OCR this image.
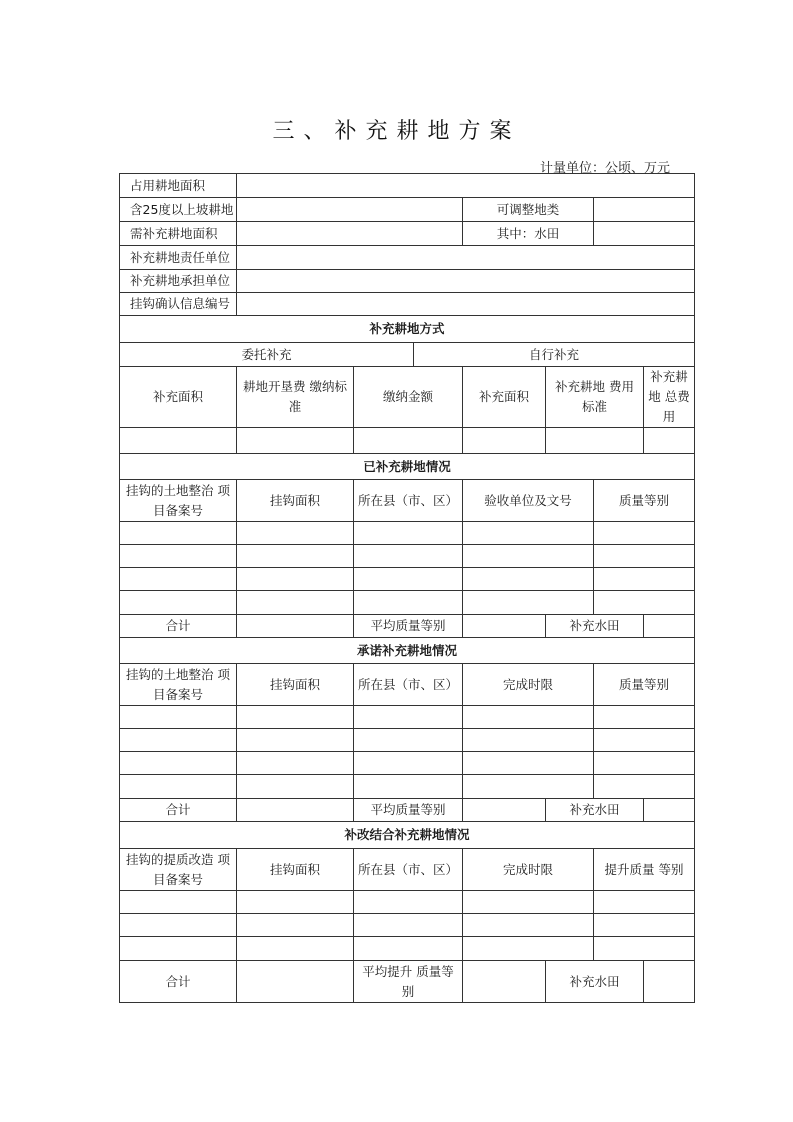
三、补充耕地方案
计量单位：公顷、万元
占用耕地面积							
含25度以上坡耕地				可调整地类			
需补充耕地面积				其中：水田			
补充耕地责任单位							
补充耕地承担单位							
挂钩确认信息编号							
补充耕地方式							
委托补充			自行补充				
补充面积	耕地开垦费 缴纳标准	缴纳金额		补充面积	补充耕地 费用标准		补充耕地 总费用

已补充耕地情况							
挂钩的土地整治 项目备案号	挂钩面积	所在县（市、区）		验收单位及文号		质量等别	

合计		平均质量等别			补充水田		
承诺补充耕地情况							
挂钩的土地整治 项目备案号	挂钩面积	所在县（市、区）		完成时限		质量等别	

合计		平均质量等别			补充水田		
补改结合补充耕地情况							
挂钩的提质改造 项目备案号	挂钩面积	所在县（市、区）		完成时限		提升质量 等别	

合计		平均提升 质量等别			补充水田		
